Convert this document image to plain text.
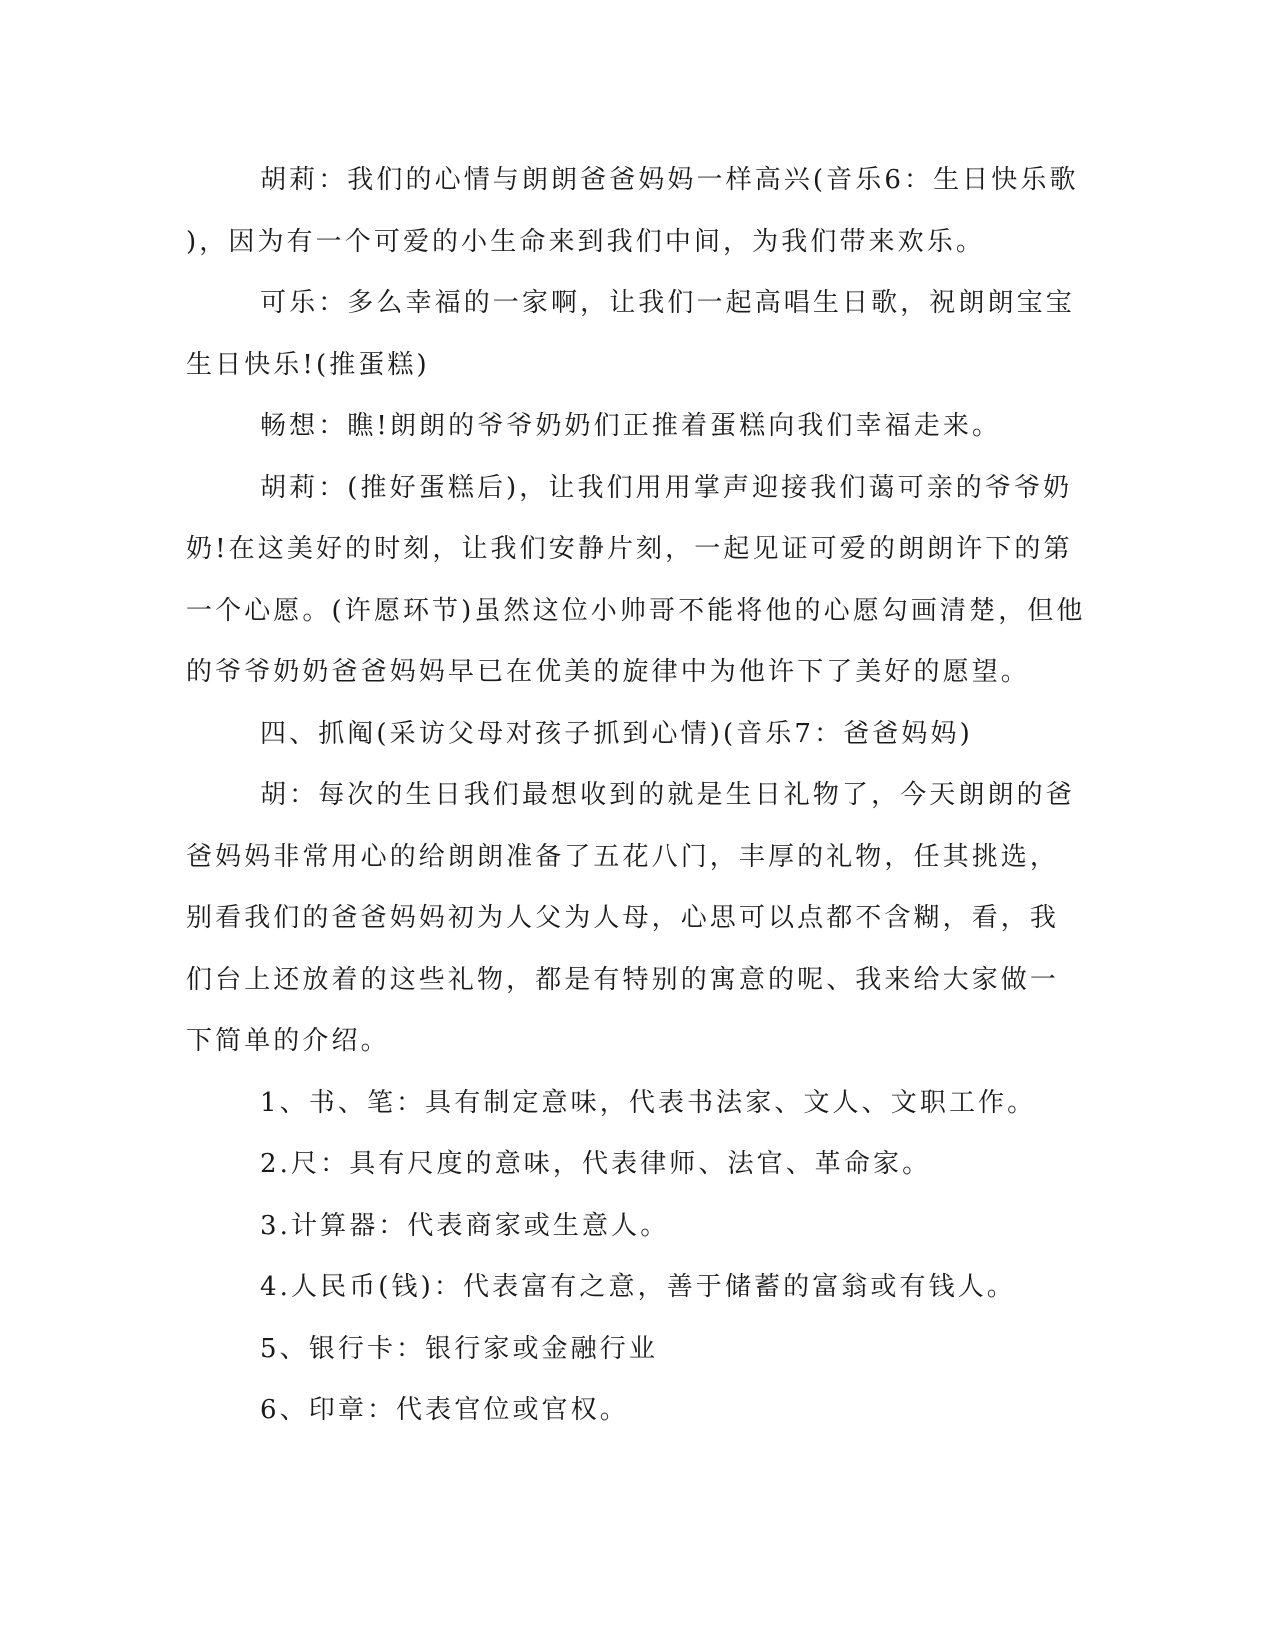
胡莉：我们的心情与朗朗爸爸妈妈一样高兴(音乐6：生日快乐歌
)，因为有一个可爱的小生命来到我们中间，为我们带来欢乐。
可乐：多么幸福的一家啊，让我们一起高唱生日歌，祝朗朗宝宝
生日快乐!(推蛋糕)
畅想：瞧!朗朗的爷爷奶奶们正推着蛋糕向我们幸福走来。
胡莉：(推好蛋糕后)，让我们用用掌声迎接我们蔼可亲的爷爷奶
奶!在这美好的时刻，让我们安静片刻，一起见证可爱的朗朗许下的第
一个心愿。(许愿环节)虽然这位小帅哥不能将他的心愿勾画清楚，但他
的爷爷奶奶爸爸妈妈早已在优美的旋律中为他许下了美好的愿望。
四、抓阄(采访父母对孩子抓到心情)(音乐7：爸爸妈妈)
胡：每次的生日我们最想收到的就是生日礼物了，今天朗朗的爸
爸妈妈非常用心的给朗朗准备了五花八门，丰厚的礼物，任其挑选，
别看我们的爸爸妈妈初为人父为人母，心思可以点都不含糊，看，我
们台上还放着的这些礼物，都是有特别的寓意的呢、我来给大家做一
下简单的介绍。
1、书、笔：具有制定意味，代表书法家、文人、文职工作。
2.尺：具有尺度的意味，代表律师、法官、革命家。
3.计算器：代表商家或生意人。
4.人民币(钱)：代表富有之意，善于储蓄的富翁或有钱人。
5、银行卡：银行家或金融行业
6、印章：代表官位或官权。
